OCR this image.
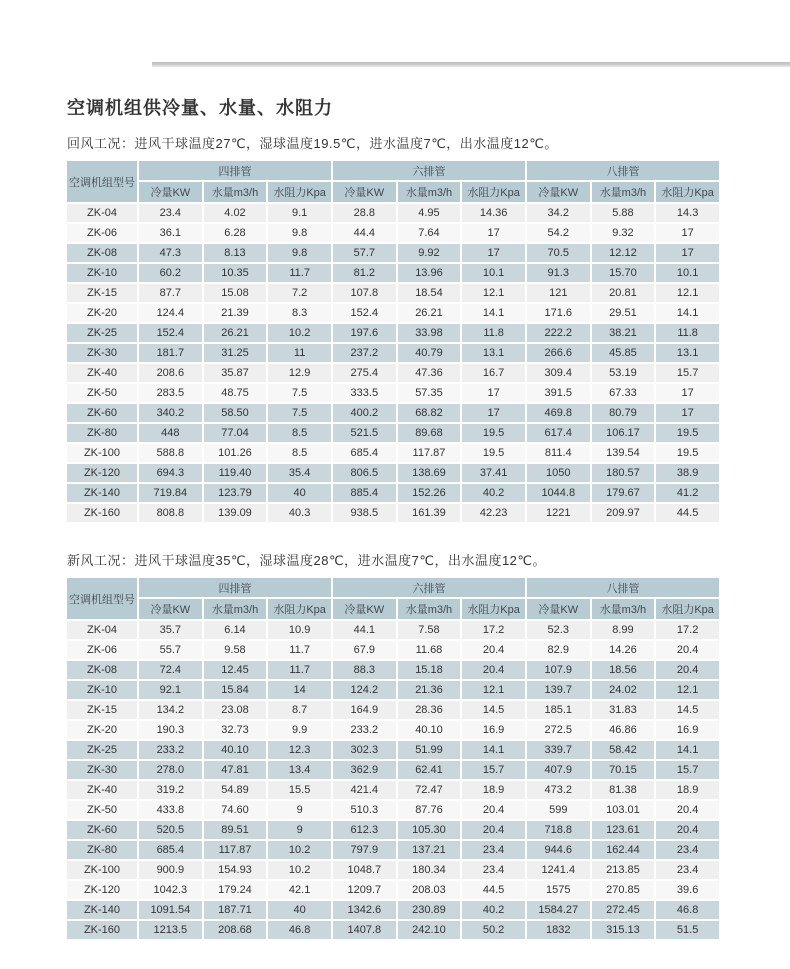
空调机组供冷量、水量、水阻力

回风工况：进风干球温度27℃，湿球温度19.5℃，进水温度7℃，出水温度12℃。

空调机组型号	四排管			六排管			八排管		
	冷量KW	水量m3/h	水阻力Kpa	冷量KW	水量m3/h	水阻力Kpa	冷量KW	水量m3/h	水阻力Kpa
ZK-04	23.4	4.02	9.1	28.8	4.95	14.36	34.2	5.88	14.3
ZK-06	36.1	6.28	9.8	44.4	7.64	17	54.2	9.32	17
ZK-08	47.3	8.13	9.8	57.7	9.92	17	70.5	12.12	17
ZK-10	60.2	10.35	11.7	81.2	13.96	10.1	91.3	15.70	10.1
ZK-15	87.7	15.08	7.2	107.8	18.54	12.1	121	20.81	12.1
ZK-20	124.4	21.39	8.3	152.4	26.21	14.1	171.6	29.51	14.1
ZK-25	152.4	26.21	10.2	197.6	33.98	11.8	222.2	38.21	11.8
ZK-30	181.7	31.25	11	237.2	40.79	13.1	266.6	45.85	13.1
ZK-40	208.6	35.87	12.9	275.4	47.36	16.7	309.4	53.19	15.7
ZK-50	283.5	48.75	7.5	333.5	57.35	17	391.5	67.33	17
ZK-60	340.2	58.50	7.5	400.2	68.82	17	469.8	80.79	17
ZK-80	448	77.04	8.5	521.5	89.68	19.5	617.4	106.17	19.5
ZK-100	588.8	101.26	8.5	685.4	117.87	19.5	811.4	139.54	19.5
ZK-120	694.3	119.40	35.4	806.5	138.69	37.41	1050	180.57	38.9
ZK-140	719.84	123.79	40	885.4	152.26	40.2	1044.8	179.67	41.2
ZK-160	808.8	139.09	40.3	938.5	161.39	42.23	1221	209.97	44.5

新风工况：进风干球温度35℃，湿球温度28℃，进水温度7℃，出水温度12℃。

空调机组型号	四排管			六排管			八排管		
	冷量KW	水量m3/h	水阻力Kpa	冷量KW	水量m3/h	水阻力Kpa	冷量KW	水量m3/h	水阻力Kpa
ZK-04	35.7	6.14	10.9	44.1	7.58	17.2	52.3	8.99	17.2
ZK-06	55.7	9.58	11.7	67.9	11.68	20.4	82.9	14.26	20.4
ZK-08	72.4	12.45	11.7	88.3	15.18	20.4	107.9	18.56	20.4
ZK-10	92.1	15.84	14	124.2	21.36	12.1	139.7	24.02	12.1
ZK-15	134.2	23.08	8.7	164.9	28.36	14.5	185.1	31.83	14.5
ZK-20	190.3	32.73	9.9	233.2	40.10	16.9	272.5	46.86	16.9
ZK-25	233.2	40.10	12.3	302.3	51.99	14.1	339.7	58.42	14.1
ZK-30	278.0	47.81	13.4	362.9	62.41	15.7	407.9	70.15	15.7
ZK-40	319.2	54.89	15.5	421.4	72.47	18.9	473.2	81.38	18.9
ZK-50	433.8	74.60	9	510.3	87.76	20.4	599	103.01	20.4
ZK-60	520.5	89.51	9	612.3	105.30	20.4	718.8	123.61	20.4
ZK-80	685.4	117.87	10.2	797.9	137.21	23.4	944.6	162.44	23.4
ZK-100	900.9	154.93	10.2	1048.7	180.34	23.4	1241.4	213.85	23.4
ZK-120	1042.3	179.24	42.1	1209.7	208.03	44.5	1575	270.85	39.6
ZK-140	1091.54	187.71	40	1342.6	230.89	40.2	1584.27	272.45	46.8
ZK-160	1213.5	208.68	46.8	1407.8	242.10	50.2	1832	315.13	51.5
